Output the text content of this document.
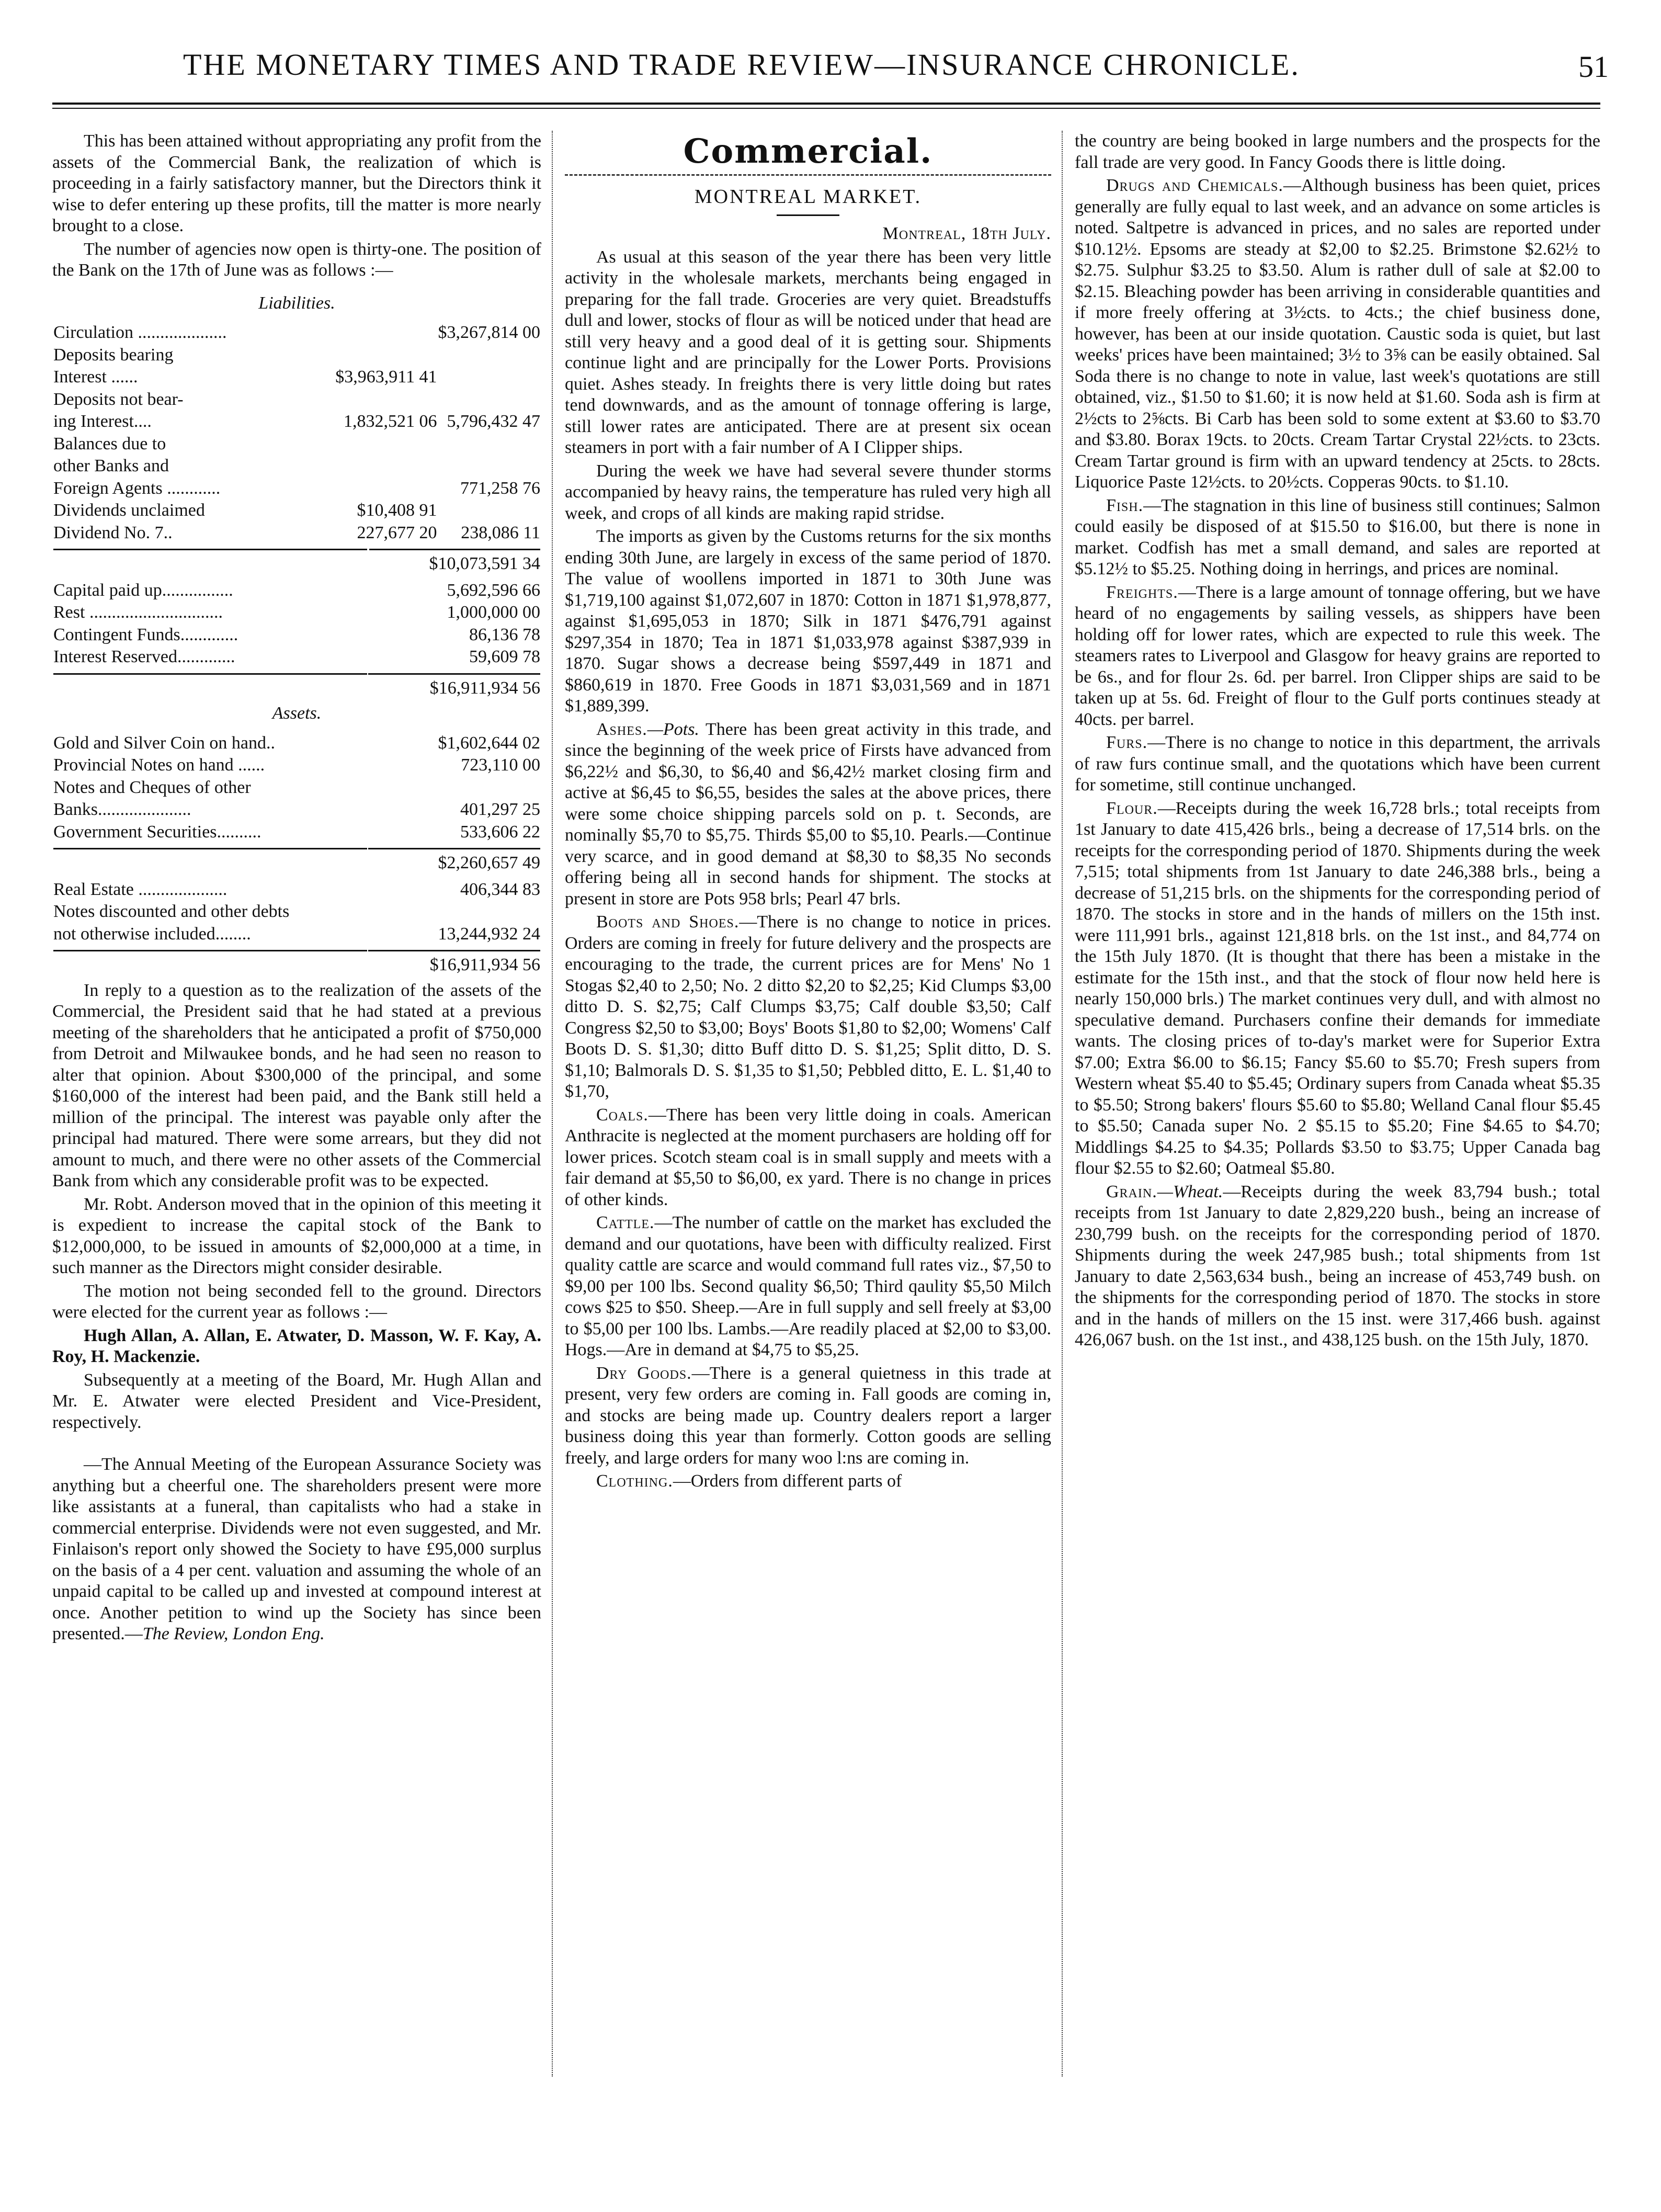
THE MONETARY TIMES AND TRADE REVIEW—INSURANCE CHRONICLE.	51

This has been attained without appropriating any profit from the assets of the Commercial Bank, the realization of which is proceeding in a fairly satisfactory manner, but the Directors think it wise to defer entering up these profits, till the matter is more nearly brought to a close.

The number of agencies now open is thirty-one. The position of the Bank on the 17th of June was as follows :—

Liabilities.
Circulation ....................		$3,267,814 00
Deposits bearing		
Interest ......	$3,963,911 41	
Deposits not bear-		
ing Interest....	1,832,521 06	5,796,432 47
Balances due to		
other Banks and		
Foreign Agents ............		771,258 76
Dividends unclaimed	$10,408 91	
Dividend No. 7..	227,677 20	238,086 11
		$10,073,591 34
Capital paid up................	5,692,596 66
Rest ..............................	1,000,000 00
Contingent Funds.............	86,136 78
Interest Reserved.............	59,609 78
	$16,911,934 56
Assets.
Gold and Silver Coin on hand..	$1,602,644 02
Provincial Notes on hand ......	723,110 00
Notes and Cheques of other	
Banks.....................	401,297 25
Government Securities..........	533,606 22
	$2,260,657 49
Real Estate ....................	406,344 83
Notes discounted and other debts	
not otherwise included........	13,244,932 24
	$16,911,934 56

In reply to a question as to the realization of the assets of the Commercial, the President said that he had stated at a previous meeting of the shareholders that he anticipated a profit of $750,000 from Detroit and Milwaukee bonds, and he had seen no reason to alter that opinion. About $300,000 of the principal, and some $160,000 of the interest had been paid, and the Bank still held a million of the principal. The interest was payable only after the principal had matured. There were some arrears, but they did not amount to much, and there were no other assets of the Commercial Bank from which any considerable profit was to be expected.

Mr. Robt. Anderson moved that in the opinion of this meeting it is expedient to increase the capital stock of the Bank to $12,000,000, to be issued in amounts of $2,000,000 at a time, in such manner as the Directors might consider desirable.

The motion not being seconded fell to the ground. Directors were elected for the current year as follows :—

Hugh Allan, A. Allan, E. Atwater, D. Masson, W. F. Kay, A. Roy, H. Mackenzie.

Subsequently at a meeting of the Board, Mr. Hugh Allan and Mr. E. Atwater were elected President and Vice-President, respectively.

—The Annual Meeting of the European Assurance Society was anything but a cheerful one. The shareholders present were more like assistants at a funeral, than capitalists who had a stake in commercial enterprise. Dividends were not even suggested, and Mr. Finlaison's report only showed the Society to have £95,000 surplus on the basis of a 4 per cent. valuation and assuming the whole of an unpaid capital to be called up and invested at compound interest at once. Another petition to wind up the Society has since been presented.—The Review, London Eng.

Commercial.
MONTREAL MARKET.
Montreal, 18th July.

As usual at this season of the year there has been very little activity in the wholesale markets, merchants being engaged in preparing for the fall trade. Groceries are very quiet. Breadstuffs dull and lower, stocks of flour as will be noticed under that head are still very heavy and a good deal of it is getting sour. Shipments continue light and are principally for the Lower Ports. Provisions quiet. Ashes steady. In freights there is very little doing but rates tend downwards, and as the amount of tonnage offering is large, still lower rates are anticipated. There are at present six ocean steamers in port with a fair number of A I Clipper ships.

During the week we have had several severe thunder storms accompanied by heavy rains, the temperature has ruled very high all week, and crops of all kinds are making rapid stridse.

The imports as given by the Customs returns for the six months ending 30th June, are largely in excess of the same period of 1870. The value of woollens imported in 1871 to 30th June was $1,719,100 against $1,072,607 in 1870: Cotton in 1871 $1,978,877, against $1,695,053 in 1870; Silk in 1871 $476,791 against $297,354 in 1870; Tea in 1871 $1,033,978 against $387,939 in 1870. Sugar shows a decrease being $597,449 in 1871 and $860,619 in 1870. Free Goods in 1871 $3,031,569 and in 1871 $1,889,399.

Ashes.—Pots. There has been great activity in this trade, and since the beginning of the week price of Firsts have advanced from $6,22½ and $6,30, to $6,40 and $6,42½ market closing firm and active at $6,45 to $6,55, besides the sales at the above prices, there were some choice shipping parcels sold on p. t. Seconds, are nominally $5,70 to $5,75. Thirds $5,00 to $5,10. Pearls.—Continue very scarce, and in good demand at $8,30 to $8,35 No seconds offering being all in second hands for shipment. The stocks at present in store are Pots 958 brls; Pearl 47 brls.

Boots and Shoes.—There is no change to notice in prices. Orders are coming in freely for future delivery and the prospects are encouraging to the trade, the current prices are for Mens' No 1 Stogas $2,40 to 2,50; No. 2 ditto $2,20 to $2,25; Kid Clumps $3,00 ditto D. S. $2,75; Calf Clumps $3,75; Calf double $3,50; Calf Congress $2,50 to $3,00; Boys' Boots $1,80 to $2,00; Womens' Calf Boots D. S. $1,30; ditto Buff ditto D. S. $1,25; Split ditto, D. S. $1,10; Balmorals D. S. $1,35 to $1,50; Pebbled ditto, E. L. $1,40 to $1,70,

Coals.—There has been very little doing in coals. American Anthracite is neglected at the moment purchasers are holding off for lower prices. Scotch steam coal is in small supply and meets with a fair demand at $5,50 to $6,00, ex yard. There is no change in prices of other kinds.

Cattle.—The number of cattle on the market has excluded the demand and our quotations, have been with difficulty realized. First quality cattle are scarce and would command full rates viz., $7,50 to $9,00 per 100 lbs. Second quality $6,50; Third qaulity $5,50 Milch cows $25 to $50. Sheep.—Are in full supply and sell freely at $3,00 to $5,00 per 100 lbs. Lambs.—Are readily placed at $2,00 to $3,00. Hogs.—Are in demand at $4,75 to $5,25.

Dry Goods.—There is a general quietness in this trade at present, very few orders are coming in. Fall goods are coming in, and stocks are being made up. Country dealers report a larger business doing this year than formerly. Cotton goods are selling freely, and large orders for many woo l:ns are coming in.

Clothing.—Orders from different parts of

the country are being booked in large numbers and the prospects for the fall trade are very good. In Fancy Goods there is little doing.

Drugs and Chemicals.—Although business has been quiet, prices generally are fully equal to last week, and an advance on some articles is noted. Saltpetre is advanced in prices, and no sales are reported under $10.12½. Epsoms are steady at $2,00 to $2.25. Brimstone $2.62½ to $2.75. Sulphur $3.25 to $3.50. Alum is rather dull of sale at $2.00 to $2.15. Bleaching powder has been arriving in considerable quantities and if more freely offering at 3½cts. to 4cts.; the chief business done, however, has been at our inside quotation. Caustic soda is quiet, but last weeks' prices have been maintained; 3½ to 3⅝ can be easily obtained. Sal Soda there is no change to note in value, last week's quotations are still obtained, viz., $1.50 to $1.60; it is now held at $1.60. Soda ash is firm at 2½cts to 2⅝cts. Bi Carb has been sold to some extent at $3.60 to $3.70 and $3.80. Borax 19cts. to 20cts. Cream Tartar Crystal 22½cts. to 23cts. Cream Tartar ground is firm with an upward tendency at 25cts. to 28cts. Liquorice Paste 12½cts. to 20½cts. Copperas 90cts. to $1.10.

Fish.—The stagnation in this line of business still continues; Salmon could easily be disposed of at $15.50 to $16.00, but there is none in market. Codfish has met a small demand, and sales are reported at $5.12½ to $5.25. Nothing doing in herrings, and prices are nominal.

Freights.—There is a large amount of tonnage offering, but we have heard of no engagements by sailing vessels, as shippers have been holding off for lower rates, which are expected to rule this week. The steamers rates to Liverpool and Glasgow for heavy grains are reported to be 6s., and for flour 2s. 6d. per barrel. Iron Clipper ships are said to be taken up at 5s. 6d. Freight of flour to the Gulf ports continues steady at 40cts. per barrel.

Furs.—There is no change to notice in this department, the arrivals of raw furs continue small, and the quotations which have been current for sometime, still continue unchanged.

Flour.—Receipts during the week 16,728 brls.; total receipts from 1st January to date 415,426 brls., being a decrease of 17,514 brls. on the receipts for the corresponding period of 1870. Shipments during the week 7,515; total shipments from 1st January to date 246,388 brls., being a decrease of 51,215 brls. on the shipments for the corresponding period of 1870. The stocks in store and in the hands of millers on the 15th inst. were 111,991 brls., against 121,818 brls. on the 1st inst., and 84,774 on the 15th July 1870. (It is thought that there has been a mistake in the estimate for the 15th inst., and that the stock of flour now held here is nearly 150,000 brls.) The market continues very dull, and with almost no speculative demand. Purchasers confine their demands for immediate wants. The closing prices of to-day's market were for Superior Extra $7.00; Extra $6.00 to $6.15; Fancy $5.60 to $5.70; Fresh supers from Western wheat $5.40 to $5.45; Ordinary supers from Canada wheat $5.35 to $5.50; Strong bakers' flours $5.60 to $5.80; Welland Canal flour $5.45 to $5.50; Canada super No. 2 $5.15 to $5.20; Fine $4.65 to $4.70; Middlings $4.25 to $4.35; Pollards $3.50 to $3.75; Upper Canada bag flour $2.55 to $2.60; Oatmeal $5.80.

Grain.—Wheat.—Receipts during the week 83,794 bush.; total receipts from 1st January to date 2,829,220 bush., being an increase of 230,799 bush. on the receipts for the corresponding period of 1870. Shipments during the week 247,985 bush.; total shipments from 1st January to date 2,563,634 bush., being an increase of 453,749 bush. on the shipments for the corresponding period of 1870. The stocks in store and in the hands of millers on the 15 inst. were 317,466 bush. against 426,067 bush. on the 1st inst., and 438,125 bush. on the 15th July, 1870.
